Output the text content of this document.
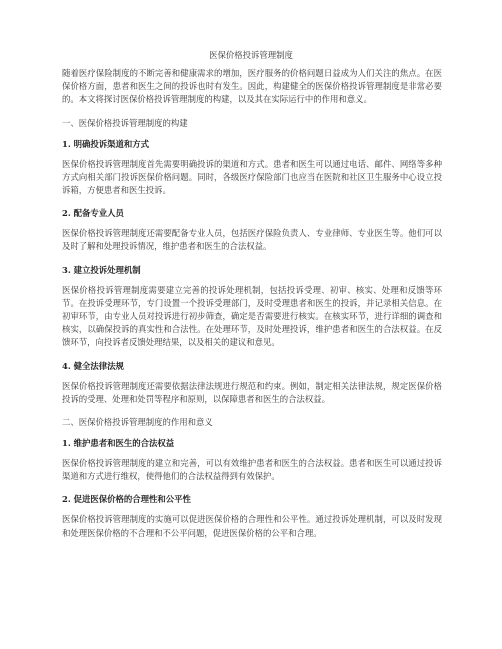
医保价格投诉管理制度

随着医疗保险制度的不断完善和健康需求的增加，医疗服务的价格问题日益成为人们关注的焦点。在医保价格方面，患者和医生之间的投诉也时有发生。因此，构建健全的医保价格投诉管理制度是非常必要的。本文将探讨医保价格投诉管理制度的构建，以及其在实际运行中的作用和意义。

一、医保价格投诉管理制度的构建

1. 明确投诉渠道和方式

医保价格投诉管理制度首先需要明确投诉的渠道和方式。患者和医生可以通过电话、邮件、网络等多种方式向相关部门投诉医保价格问题。同时，各级医疗保险部门也应当在医院和社区卫生服务中心设立投诉箱，方便患者和医生投诉。

2. 配备专业人员

医保价格投诉管理制度还需要配备专业人员，包括医疗保险负责人、专业律师、专业医生等。他们可以及时了解和处理投诉情况，维护患者和医生的合法权益。

3. 建立投诉处理机制

医保价格投诉管理制度需要建立完善的投诉处理机制，包括投诉受理、初审、核实、处理和反馈等环节。在投诉受理环节，专门设置一个投诉受理部门，及时受理患者和医生的投诉，并记录相关信息。在初审环节，由专业人员对投诉进行初步筛查，确定是否需要进行核实。在核实环节，进行详细的调查和核实，以确保投诉的真实性和合法性。在处理环节，及时处理投诉，维护患者和医生的合法权益。在反馈环节，向投诉者反馈处理结果，以及相关的建议和意见。

4. 健全法律法规

医保价格投诉管理制度还需要依据法律法规进行规范和约束。例如，制定相关法律法规，规定医保价格投诉的受理、处理和处罚等程序和原则，以保障患者和医生的合法权益。

二、医保价格投诉管理制度的作用和意义

1. 维护患者和医生的合法权益

医保价格投诉管理制度的建立和完善，可以有效维护患者和医生的合法权益。患者和医生可以通过投诉渠道和方式进行维权，使得他们的合法权益得到有效保护。

2. 促进医保价格的合理性和公平性

医保价格投诉管理制度的实施可以促进医保价格的合理性和公平性。通过投诉处理机制，可以及时发现和处理医保价格的不合理和不公平问题，促进医保价格的公平和合理。
